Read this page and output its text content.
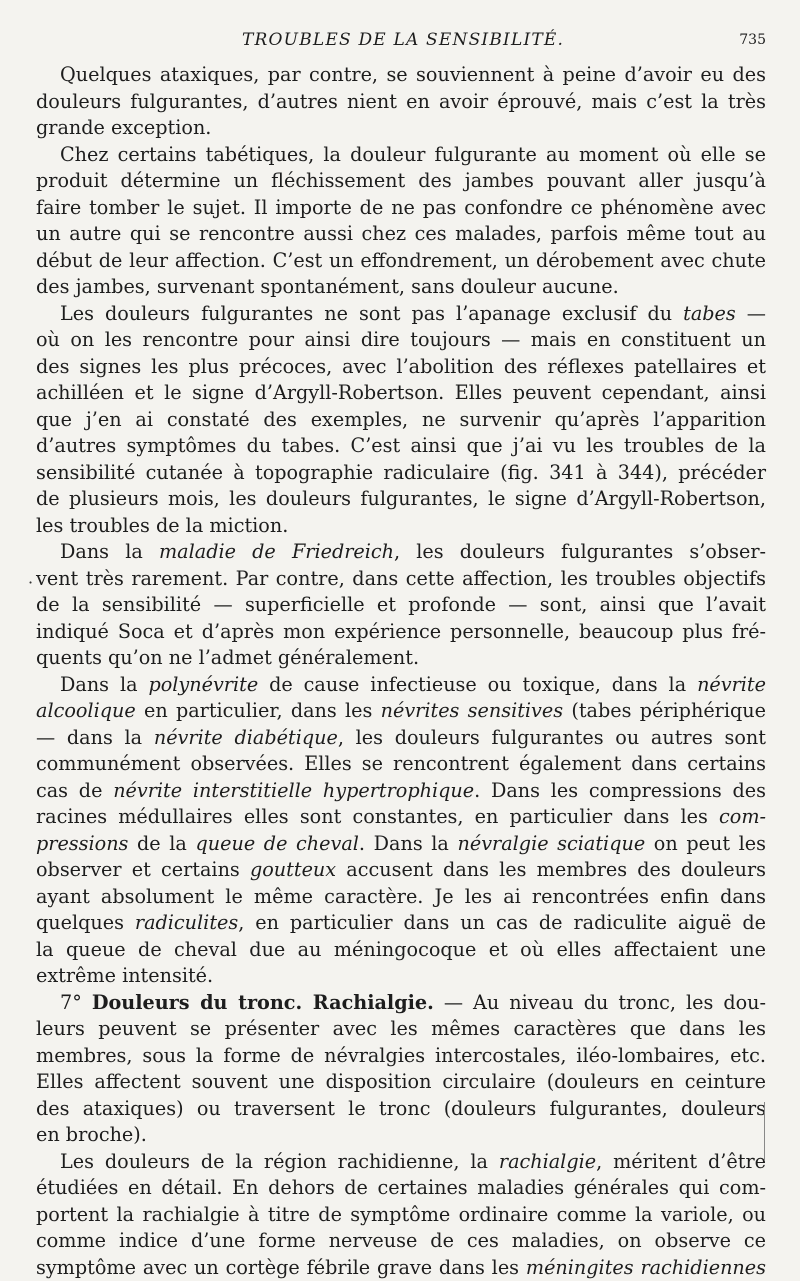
TROUBLES DE LA SENSIBILITÉ.	735
Quelques ataxiques, par contre, se souviennent à peine d’avoir eu des
douleurs fulgurantes, d’autres nient en avoir éprouvé, mais c’est la très
grande exception.
Chez certains tabétiques, la douleur fulgurante au moment où elle se
produit détermine un fléchissement des jambes pouvant aller jusqu’à
faire tomber le sujet. Il importe de ne pas confondre ce phénomène avec
un autre qui se rencontre aussi chez ces malades, parfois même tout au
début de leur affection. C’est un effondrement, un dérobement avec chute
des jambes, survenant spontanément, sans douleur aucune.
Les douleurs fulgurantes ne sont pas l’apanage exclusif du tabes —
où on les rencontre pour ainsi dire toujours — mais en constituent un
des signes les plus précoces, avec l’abolition des réflexes patellaires et
achilléen et le signe d’Argyll-Robertson. Elles peuvent cependant, ainsi
que j’en ai constaté des exemples, ne survenir qu’après l’apparition
d’autres symptômes du tabes. C’est ainsi que j’ai vu les troubles de la
sensibilité cutanée à topographie radiculaire (fig. 341 à 344), précéder
de plusieurs mois, les douleurs fulgurantes, le signe d’Argyll-Robertson,
les troubles de la miction.
Dans la maladie de Friedreich, les douleurs fulgurantes s’obser-
vent très rarement. Par contre, dans cette affection, les troubles objectifs
de la sensibilité — superficielle et profonde — sont, ainsi que l’avait
indiqué Soca et d’après mon expérience personnelle, beaucoup plus fré-
quents qu’on ne l’admet généralement.
Dans la polynévrite de cause infectieuse ou toxique, dans la névrite
alcoolique en particulier, dans les névrites sensitives (tabes périphérique
— dans la névrite diabétique, les douleurs fulgurantes ou autres sont
communément observées. Elles se rencontrent également dans certains
cas de névrite interstitielle hypertrophique. Dans les compressions des
racines médullaires elles sont constantes, en particulier dans les com-
pressions de la queue de cheval. Dans la névralgie sciatique on peut les
observer et certains goutteux accusent dans les membres des douleurs
ayant absolument le même caractère. Je les ai rencontrées enfin dans
quelques radiculites, en particulier dans un cas de radiculite aiguë de
la queue de cheval due au méningocoque et où elles affectaient une
extrême intensité.
7° Douleurs du tronc. Rachialgie. — Au niveau du tronc, les dou-
leurs peuvent se présenter avec les mêmes caractères que dans les
membres, sous la forme de névralgies intercostales, iléo-lombaires, etc.
Elles affectent souvent une disposition circulaire (douleurs en ceinture
des ataxiques) ou traversent le tronc (douleurs fulgurantes, douleurs
en broche).
Les douleurs de la région rachidienne, la rachialgie, méritent d’être
étudiées en détail. En dehors de certaines maladies générales qui com-
portent la rachialgie à titre de symptôme ordinaire comme la variole, ou
comme indice d’une forme nerveuse de ces maladies, on observe ce
symptôme avec un cortège fébrile grave dans les méningites rachidiennes
·
